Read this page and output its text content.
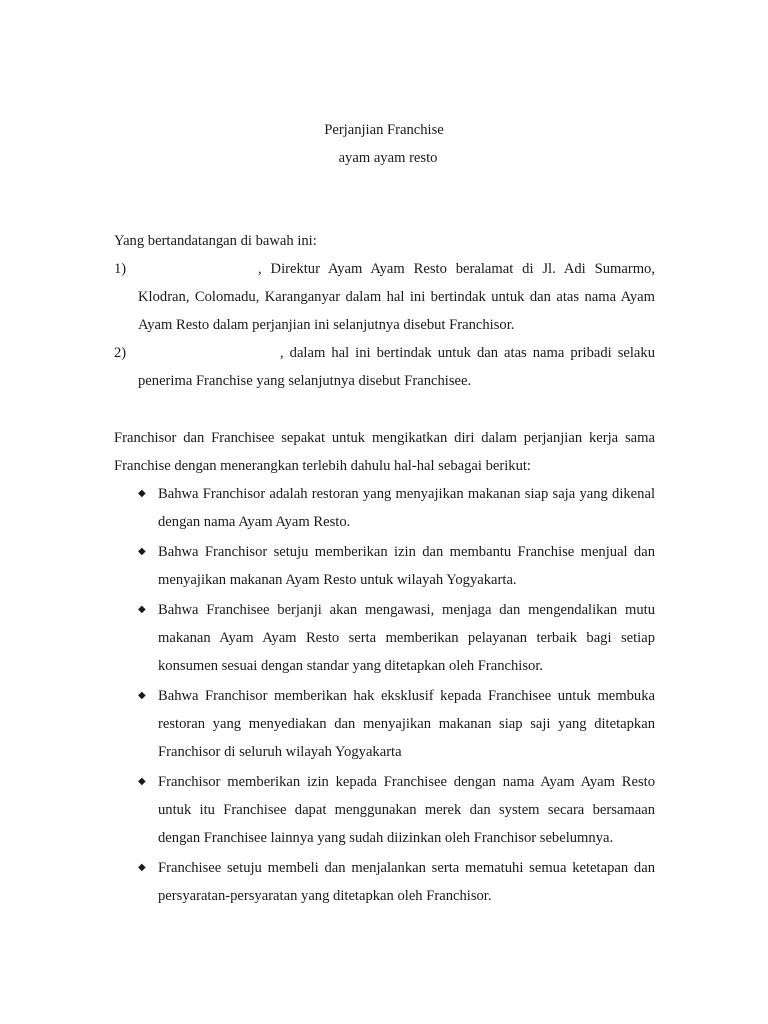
Perjanjian Franchise
ayam ayam resto

Yang bertandatangan di bawah ini:

1)	, Direktur Ayam Ayam Resto beralamat di Jl. Adi Sumarmo, Klodran, Colomadu, Karanganyar dalam hal ini bertindak untuk dan atas nama Ayam Ayam Resto dalam perjanjian ini selanjutnya disebut Franchisor.
2)	, dalam hal ini bertindak untuk dan atas nama pribadi selaku penerima Franchise yang selanjutnya disebut Franchisee.

Franchisor dan Franchisee sepakat untuk mengikatkan diri dalam perjanjian kerja sama Franchise dengan menerangkan terlebih dahulu hal-hal sebagai berikut:

◆ Bahwa Franchisor adalah restoran yang menyajikan makanan siap saja yang dikenal dengan nama Ayam Ayam Resto.
◆ Bahwa Franchisor setuju memberikan izin dan membantu Franchise menjual dan menyajikan makanan Ayam Resto untuk wilayah Yogyakarta.
◆ Bahwa Franchisee berjanji akan mengawasi, menjaga dan mengendalikan mutu makanan Ayam Ayam Resto serta memberikan pelayanan terbaik bagi setiap konsumen sesuai dengan standar yang ditetapkan oleh Franchisor.
◆ Bahwa Franchisor memberikan hak eksklusif kepada Franchisee untuk membuka restoran yang menyediakan dan menyajikan makanan siap saji yang ditetapkan Franchisor di seluruh wilayah Yogyakarta
◆ Franchisor memberikan izin kepada Franchisee dengan nama Ayam Ayam Resto untuk itu Franchisee dapat menggunakan merek dan system secara bersamaan dengan Franchisee lainnya yang sudah diizinkan oleh Franchisor sebelumnya.
◆ Franchisee setuju membeli dan menjalankan serta mematuhi semua ketetapan dan persyaratan-persyaratan yang ditetapkan oleh Franchisor.
